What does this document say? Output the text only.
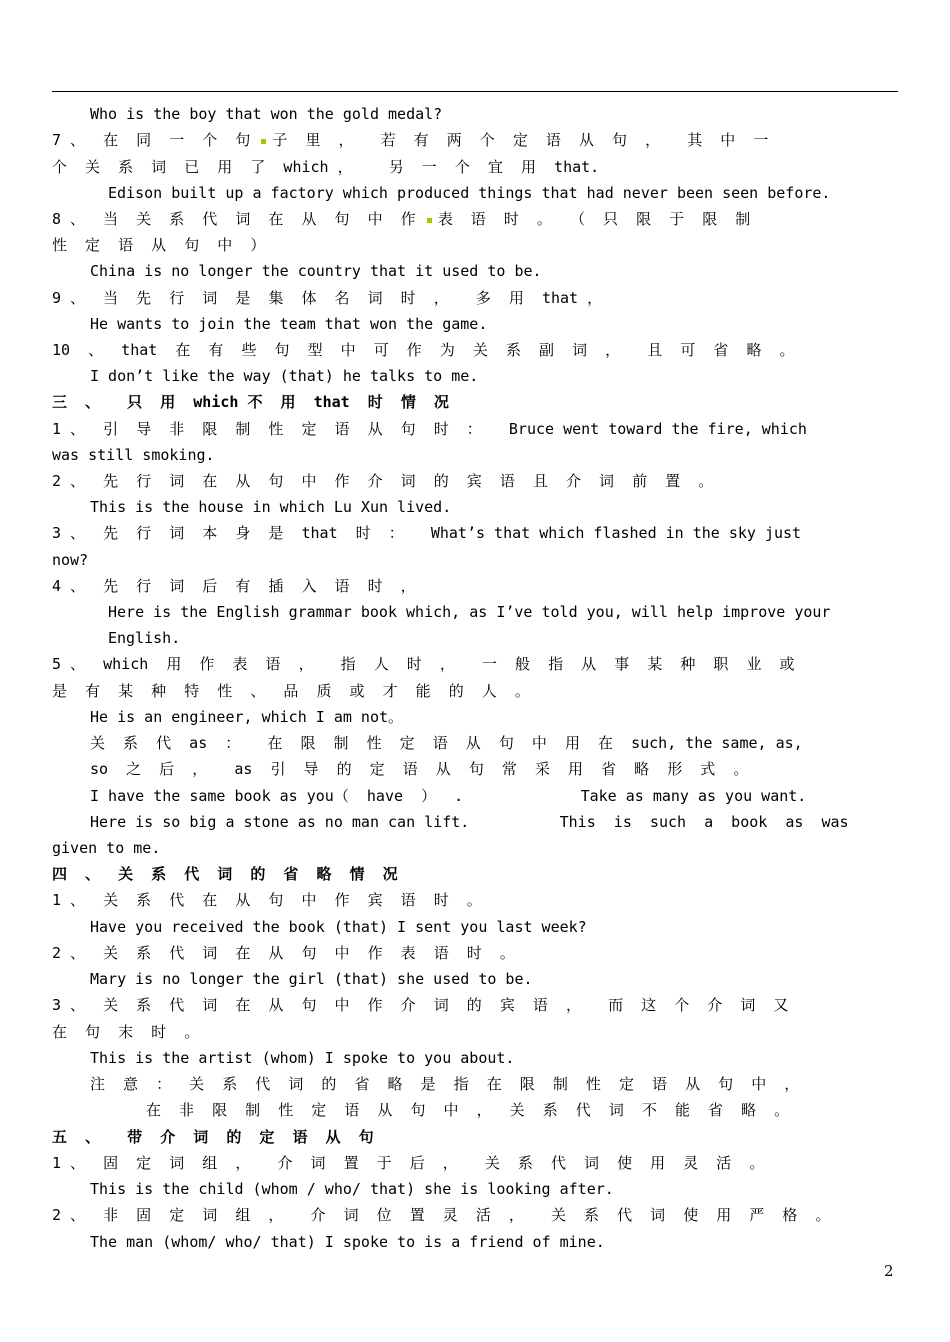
Who is the boy that won the gold medal?
7 、  在  同  一  个  句 子  里  ，   若  有  两  个  定  语  从  句  ，   其  中  一
个  关  系  词  已  用  了  which ，    另  一  个  宜  用  that.
Edison built up a factory which produced things that had never been seen before.
8 、  当  关  系  代  词  在  从  句  中  作 表  语  时  。  （  只  限  于  限  制
性  定  语  从  句  中  ）
China is no longer the country that it used to be.
9 、  当  先  行  词  是  集  体  名  词  时  ，   多  用  that ，
He wants to join the team that won the game.
10  、  that  在  有  些  句  型  中  可  作  为  关  系  副  词  ，   且  可  省  略  。
I don’t like the way (that) he talks to me.
三  、   只  用  which 不  用  that  时  情  况
1 、  引  导  非  限  制  性  定  语  从  句  时  ：   Bruce went toward the fire, which
was still smoking.
2 、  先  行  词  在  从  句  中  作  介  词  的  宾  语  且  介  词  前  置  。
This is the house in which Lu Xun lived.
3 、  先  行  词  本  身  是  that  时  ：   What’s that which flashed in the sky just
now?
4 、  先  行  词  后  有  插  入  语  时  ，
Here is the English grammar book which, as I’ve told you, will help improve your
English.
5 、  which  用  作  表  语  ，   指  人  时  ，   一  般  指  从  事  某  种  职  业  或
是  有  某  种  特  性  、  品  质  或  才  能  的  人  。
He is an engineer, which I am not。
关  系  代  as  ：   在  限  制  性  定  语  从  句  中  用  在  such, the same, as,
so  之  后  ，   as  引  导  的  定  语  从  句  常  采  用  省  略  形  式  。
I have the same book as you（  have  ）  .             Take as many as you want.
Here is so big a stone as no man can lift.          This  is  such  a  book  as  was
given to me.
四  、  关  系  代  词  的  省  略  情  况
1 、  关  系  代  在  从  句  中  作  宾  语  时  。
Have you received the book (that) I sent you last week?
2 、  关  系  代  词  在  从  句  中  作  表  语  时  。
Mary is no longer the girl (that) she used to be.
3 、  关  系  代  词  在  从  句  中  作  介  词  的  宾  语  ，   而  这  个  介  词  又
在  句  末  时  。
This is the artist (whom) I spoke to you about.
注  意  ：  关  系  代  词  的  省  略  是  指  在  限  制  性  定  语  从  句  中  ，
在  非  限  制  性  定  语  从  句  中  ，  关  系  代  词  不  能  省  略  。
五  、   带  介  词  的  定  语  从  句
1 、  固  定  词  组  ，   介  词  置  于  后  ，   关  系  代  词  使  用  灵  活  。
This is the child (whom / who/ that) she is looking after.
2 、  非  固  定  词  组  ，   介  词  位  置  灵  活  ，   关  系  代  词  使  用  严  格  。
The man (whom/ who/ that) I spoke to is a friend of mine.
2
